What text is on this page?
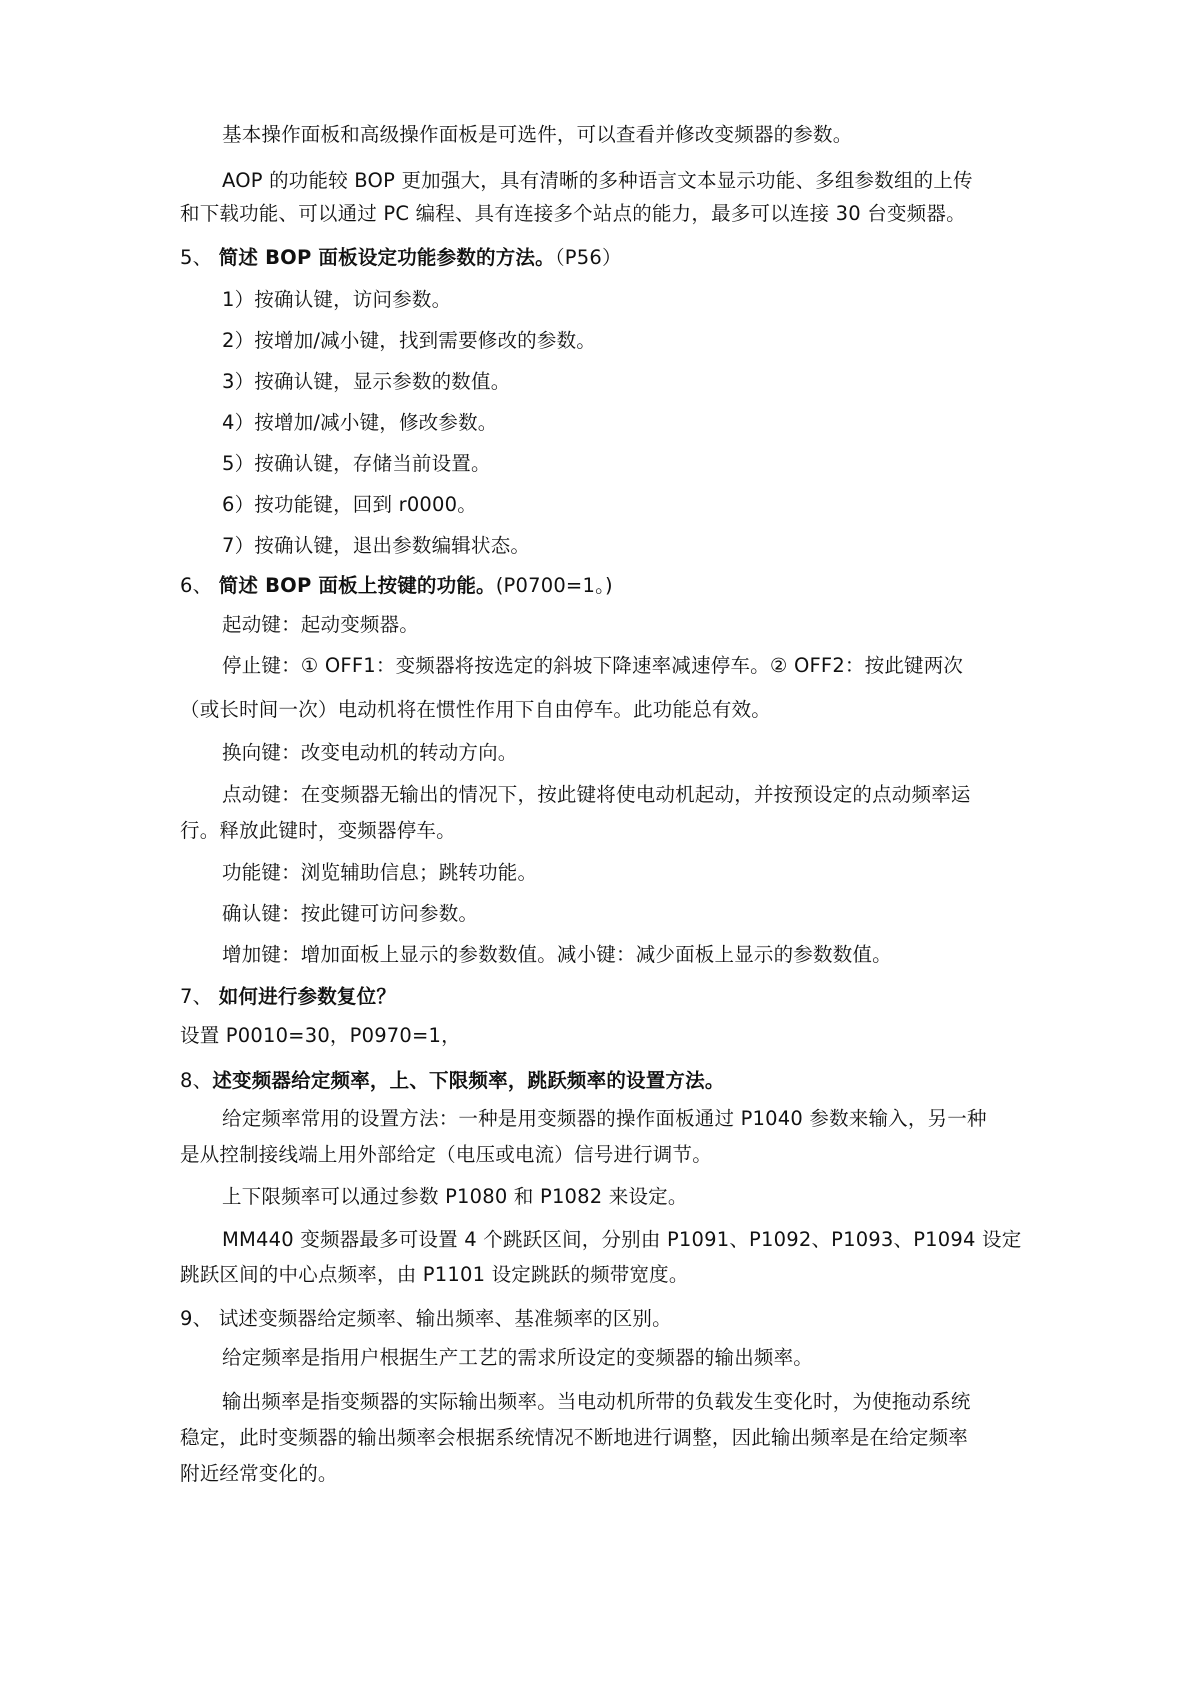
基本操作面板和高级操作面板是可选件，可以查看并修改变频器的参数。
AOP 的功能较 BOP 更加强大，具有清晰的多种语言文本显示功能、多组参数组的上传
和下载功能、可以通过 PC 编程、具有连接多个站点的能力，最多可以连接 30 台变频器。
5、 简述 BOP 面板设定功能参数的方法。（P56）
1）按确认键，访问参数。
2）按增加/减小键，找到需要修改的参数。
3）按确认键，显示参数的数值。
4）按增加/减小键，修改参数。
5）按确认键，存储当前设置。
6）按功能键，回到 r0000。
7）按确认键，退出参数编辑状态。
6、 简述 BOP 面板上按键的功能。(P0700=1。)
起动键：起动变频器。
停止键：① OFF1：变频器将按选定的斜坡下降速率减速停车。② OFF2：按此键两次
（或长时间一次）电动机将在惯性作用下自由停车。此功能总有效。
换向键：改变电动机的转动方向。
点动键：在变频器无输出的情况下，按此键将使电动机起动，并按预设定的点动频率运
行。释放此键时，变频器停车。
功能键：浏览辅助信息；跳转功能。
确认键：按此键可访问参数。
增加键：增加面板上显示的参数数值。减小键：减少面板上显示的参数数值。
7、 如何进行参数复位？
设置 P0010=30，P0970=1，
8、述变频器给定频率，上、下限频率，跳跃频率的设置方法。
给定频率常用的设置方法：一种是用变频器的操作面板通过 P1040 参数来输入，另一种
是从控制接线端上用外部给定（电压或电流）信号进行调节。
上下限频率可以通过参数 P1080 和 P1082 来设定。
MM440 变频器最多可设置 4 个跳跃区间，分别由 P1091、P1092、P1093、P1094 设定
跳跃区间的中心点频率，由 P1101 设定跳跃的频带宽度。
9、 试述变频器给定频率、输出频率、基准频率的区别。
给定频率是指用户根据生产工艺的需求所设定的变频器的输出频率。
输出频率是指变频器的实际输出频率。当电动机所带的负载发生变化时，为使拖动系统
稳定，此时变频器的输出频率会根据系统情况不断地进行调整，因此输出频率是在给定频率
附近经常变化的。
